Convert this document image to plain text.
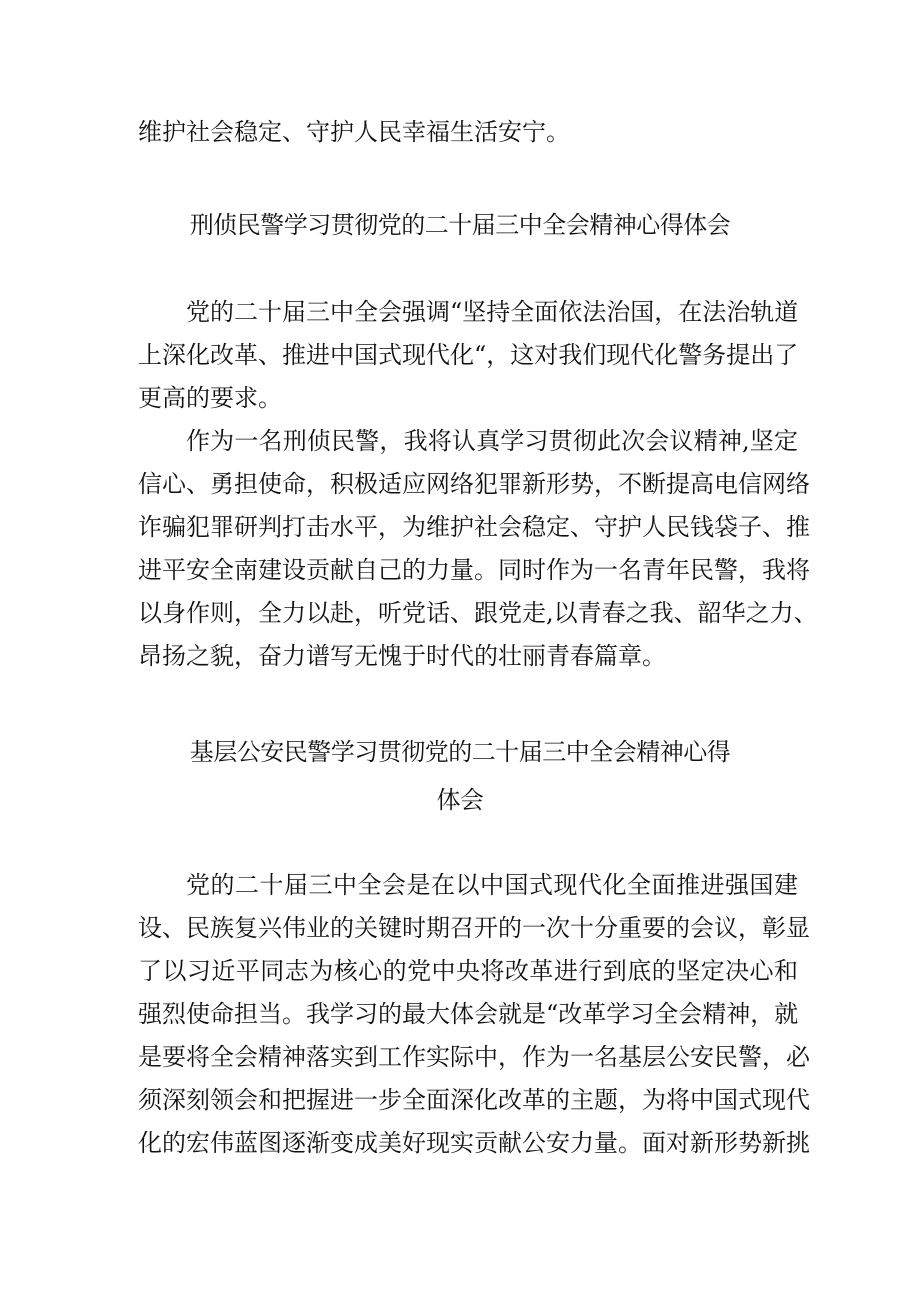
维护社会稳定、守护人民幸福生活安宁。
刑侦民警学习贯彻党的二十届三中全会精神心得体会
党的二十届三中全会强调“坚持全面依法治国，在法治轨道
上深化改革、推进中国式现代化“，这对我们现代化警务提出了
更高的要求。
作为一名刑侦民警，我将认真学习贯彻此次会议精神,坚定
信心、勇担使命，积极适应网络犯罪新形势，不断提高电信网络
诈骗犯罪研判打击水平，为维护社会稳定、守护人民钱袋子、推
进平安全南建设贡献自己的力量。同时作为一名青年民警，我将
以身作则，全力以赴，听党话、跟党走,以青春之我、韶华之力、
昂扬之貌，奋力谱写无愧于时代的壮丽青春篇章。
基层公安民警学习贯彻党的二十届三中全会精神心得
体会
党的二十届三中全会是在以中国式现代化全面推进强国建
设、民族复兴伟业的关键时期召开的一次十分重要的会议，彰显
了以习近平同志为核心的党中央将改革进行到底的坚定决心和
强烈使命担当。我学习的最大体会就是“改革学习全会精神，就
是要将全会精神落实到工作实际中，作为一名基层公安民警，必
须深刻领会和把握进一步全面深化改革的主题，为将中国式现代
化的宏伟蓝图逐渐变成美好现实贡献公安力量。面对新形势新挑
